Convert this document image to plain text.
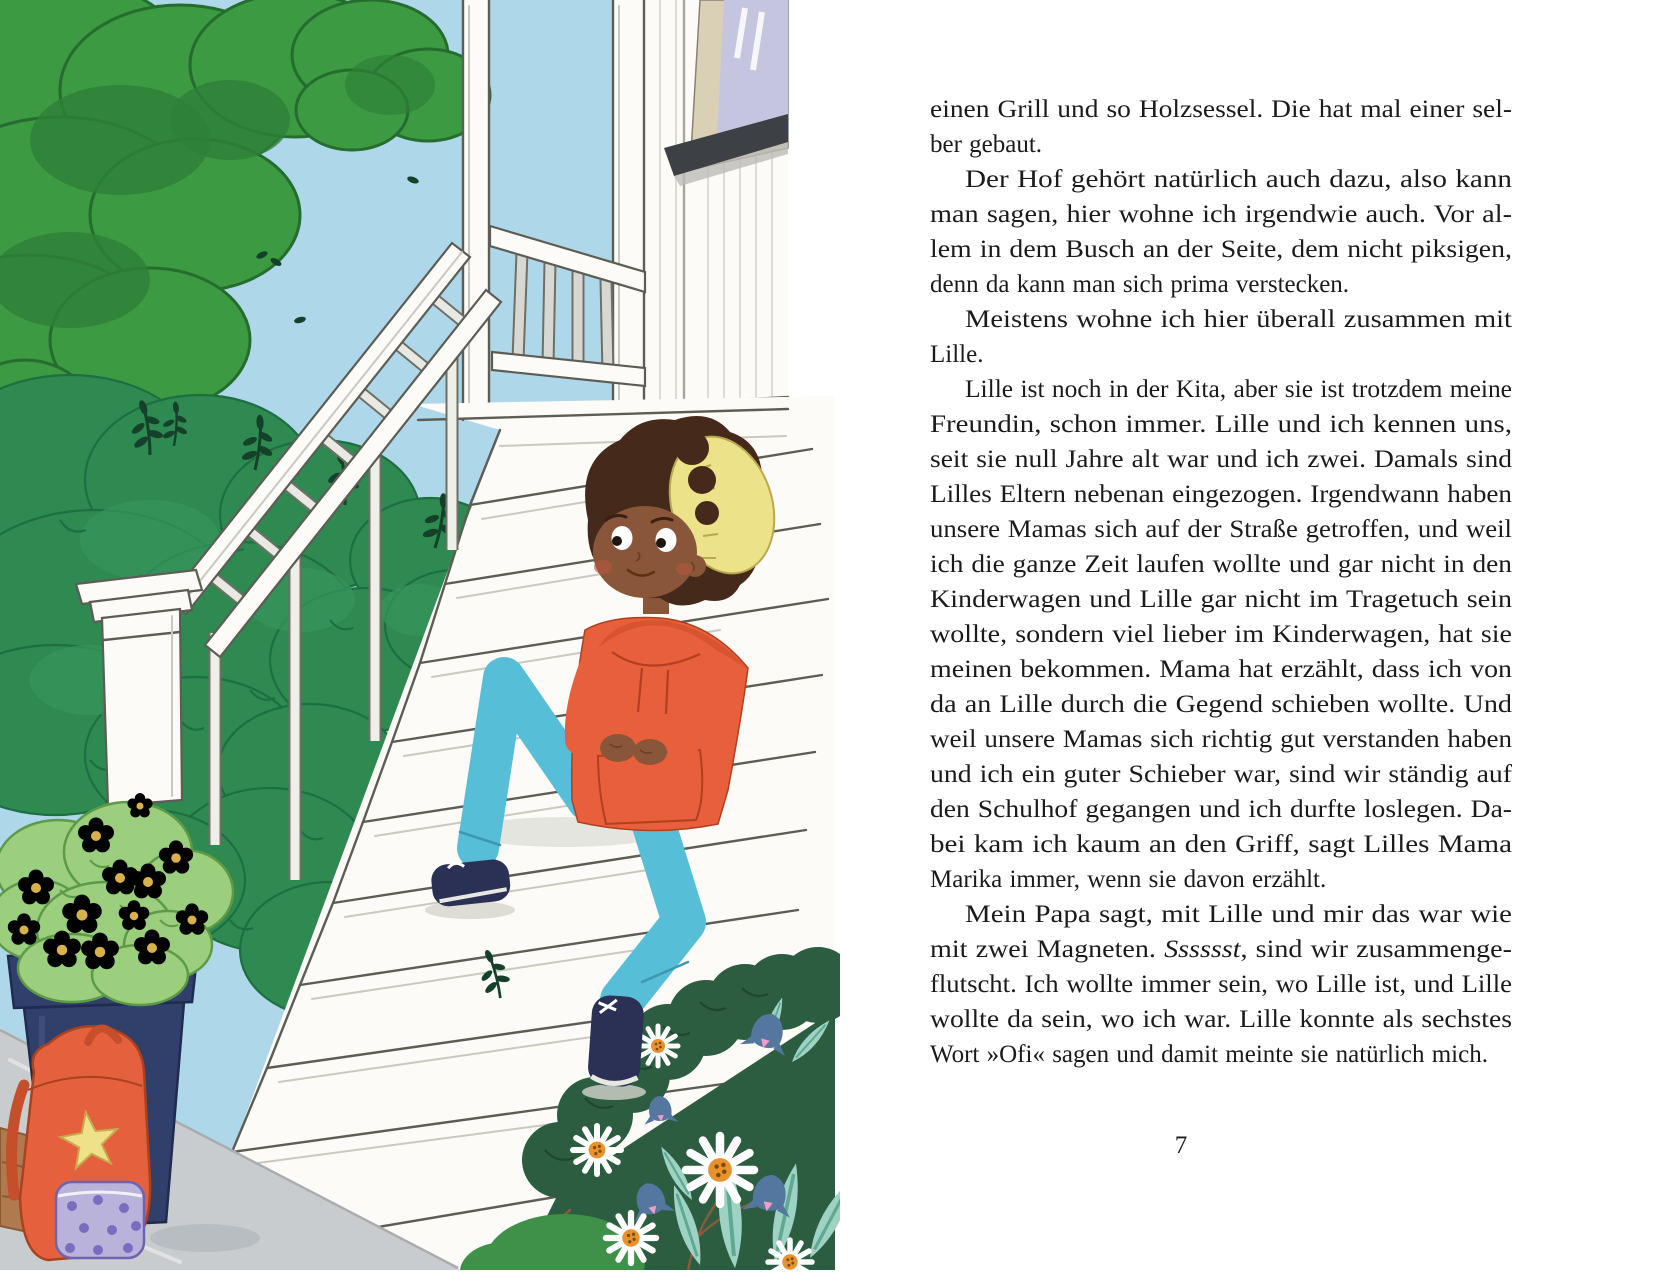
einen Grill und so Holzsessel. Die hat mal einer sel-
ber gebaut.
Der Hof gehört natürlich auch dazu, also kann
man sagen, hier wohne ich irgendwie auch. Vor al-
lem in dem Busch an der Seite, dem nicht piksigen,
denn da kann man sich prima verstecken.
Meistens wohne ich hier überall zusammen mit
Lille.
Lille ist noch in der Kita, aber sie ist trotzdem meine
Freundin, schon immer. Lille und ich kennen uns,
seit sie null Jahre alt war und ich zwei. Damals sind
Lilles Eltern nebenan eingezogen. Irgendwann haben
unsere Mamas sich auf der Straße getroffen, und weil
ich die ganze Zeit laufen wollte und gar nicht in den
Kinderwagen und Lille gar nicht im Tragetuch sein
wollte, sondern viel lieber im Kinderwagen, hat sie
meinen bekommen. Mama hat erzählt, dass ich von
da an Lille durch die Gegend schieben wollte. Und
weil unsere Mamas sich richtig gut verstanden haben
und ich ein guter Schieber war, sind wir ständig auf
den Schulhof gegangen und ich durfte loslegen. Da-
bei kam ich kaum an den Griff, sagt Lilles Mama
Marika immer, wenn sie davon erzählt.
Mein Papa sagt, mit Lille und mir das war wie
mit zwei Magneten. Sssssst, sind wir zusammenge-
flutscht. Ich wollte immer sein, wo Lille ist, und Lille
wollte da sein, wo ich war. Lille konnte als sechstes
Wort »Ofi« sagen und damit meinte sie natürlich mich.
7
